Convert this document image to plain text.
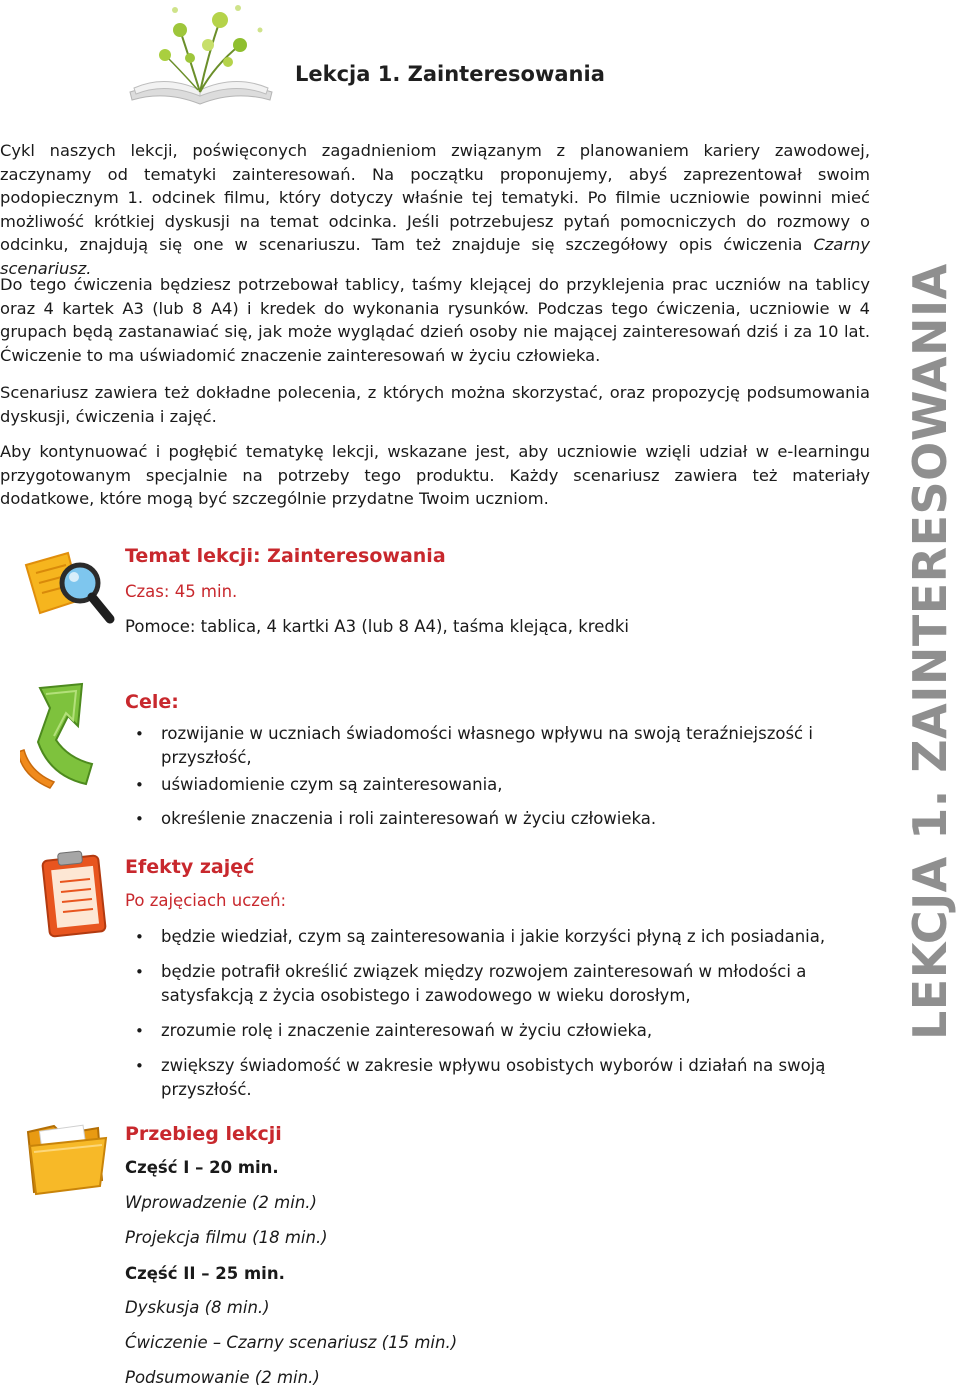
Lekcja 1. Zainteresowania

Cykl naszych lekcji, poświęconych zagadnieniom związanym z planowaniem kariery zawodowej, zaczynamy od tematyki zainteresowań. Na początku proponujemy, abyś zaprezentował swoim podopiecznym 1. odcinek filmu, który dotyczy właśnie tej tematyki. Po filmie uczniowie powinni mieć możliwość krótkiej dyskusji na temat odcinka. Jeśli potrzebujesz pytań pomocniczych do rozmowy o odcinku, znajdują się one w scenariuszu. Tam też znajduje się szczegółowy opis ćwiczenia Czarny scenariusz.

Do tego ćwiczenia będziesz potrzebował tablicy, taśmy klejącej do przyklejenia prac uczniów na tablicy oraz 4 kartek A3 (lub 8 A4) i kredek do wykonania rysunków. Podczas tego ćwiczenia, uczniowie w 4 grupach będą zastanawiać się, jak może wyglądać dzień osoby nie mającej zainteresowań dziś i za 10 lat. Ćwiczenie to ma uświadomić znaczenie zainteresowań w życiu człowieka.

Scenariusz zawiera też dokładne polecenia, z których można skorzystać, oraz propozycję podsumowania dyskusji, ćwiczenia i zajęć.

Aby kontynuować i pogłębić tematykę lekcji, wskazane jest, aby uczniowie wzięli udział w e-learningu przygotowanym specjalnie na potrzeby tego produktu. Każdy scenariusz zawiera też materiały dodatkowe, które mogą być szczególnie przydatne Twoim uczniom.	LEKCJA 1. ZAINTERESOWANIA
Temat lekcji: Zainteresowania
Czas: 45 min.
Pomoce: tablica, 4 kartki A3 (lub 8 A4), taśma klejąca, kredki
Cele:
• rozwijanie w uczniach świadomości własnego wpływu na swoją teraźniejszość i przyszłość,
• uświadomienie czym są zainteresowania,
• określenie znaczenia i roli zainteresowań w życiu człowieka.
Efekty zajęć
Po zajęciach uczeń:
• będzie wiedział, czym są zainteresowania i jakie korzyści płyną z ich posiadania,
• będzie potrafił określić związek między rozwojem zainteresowań w młodości a satysfakcją z życia osobistego i zawodowego w wieku dorosłym,
• zrozumie rolę i znaczenie zainteresowań w życiu człowieka,
• zwiększy świadomość w zakresie wpływu osobistych wyborów i działań na swoją przyszłość.
Przebieg lekcji
Część I – 20 min.
Wprowadzenie (2 min.)
Projekcja filmu (18 min.)
Część II – 25 min.
Dyskusja (8 min.)
Ćwiczenie – Czarny scenariusz (15 min.)
Podsumowanie (2 min.)
